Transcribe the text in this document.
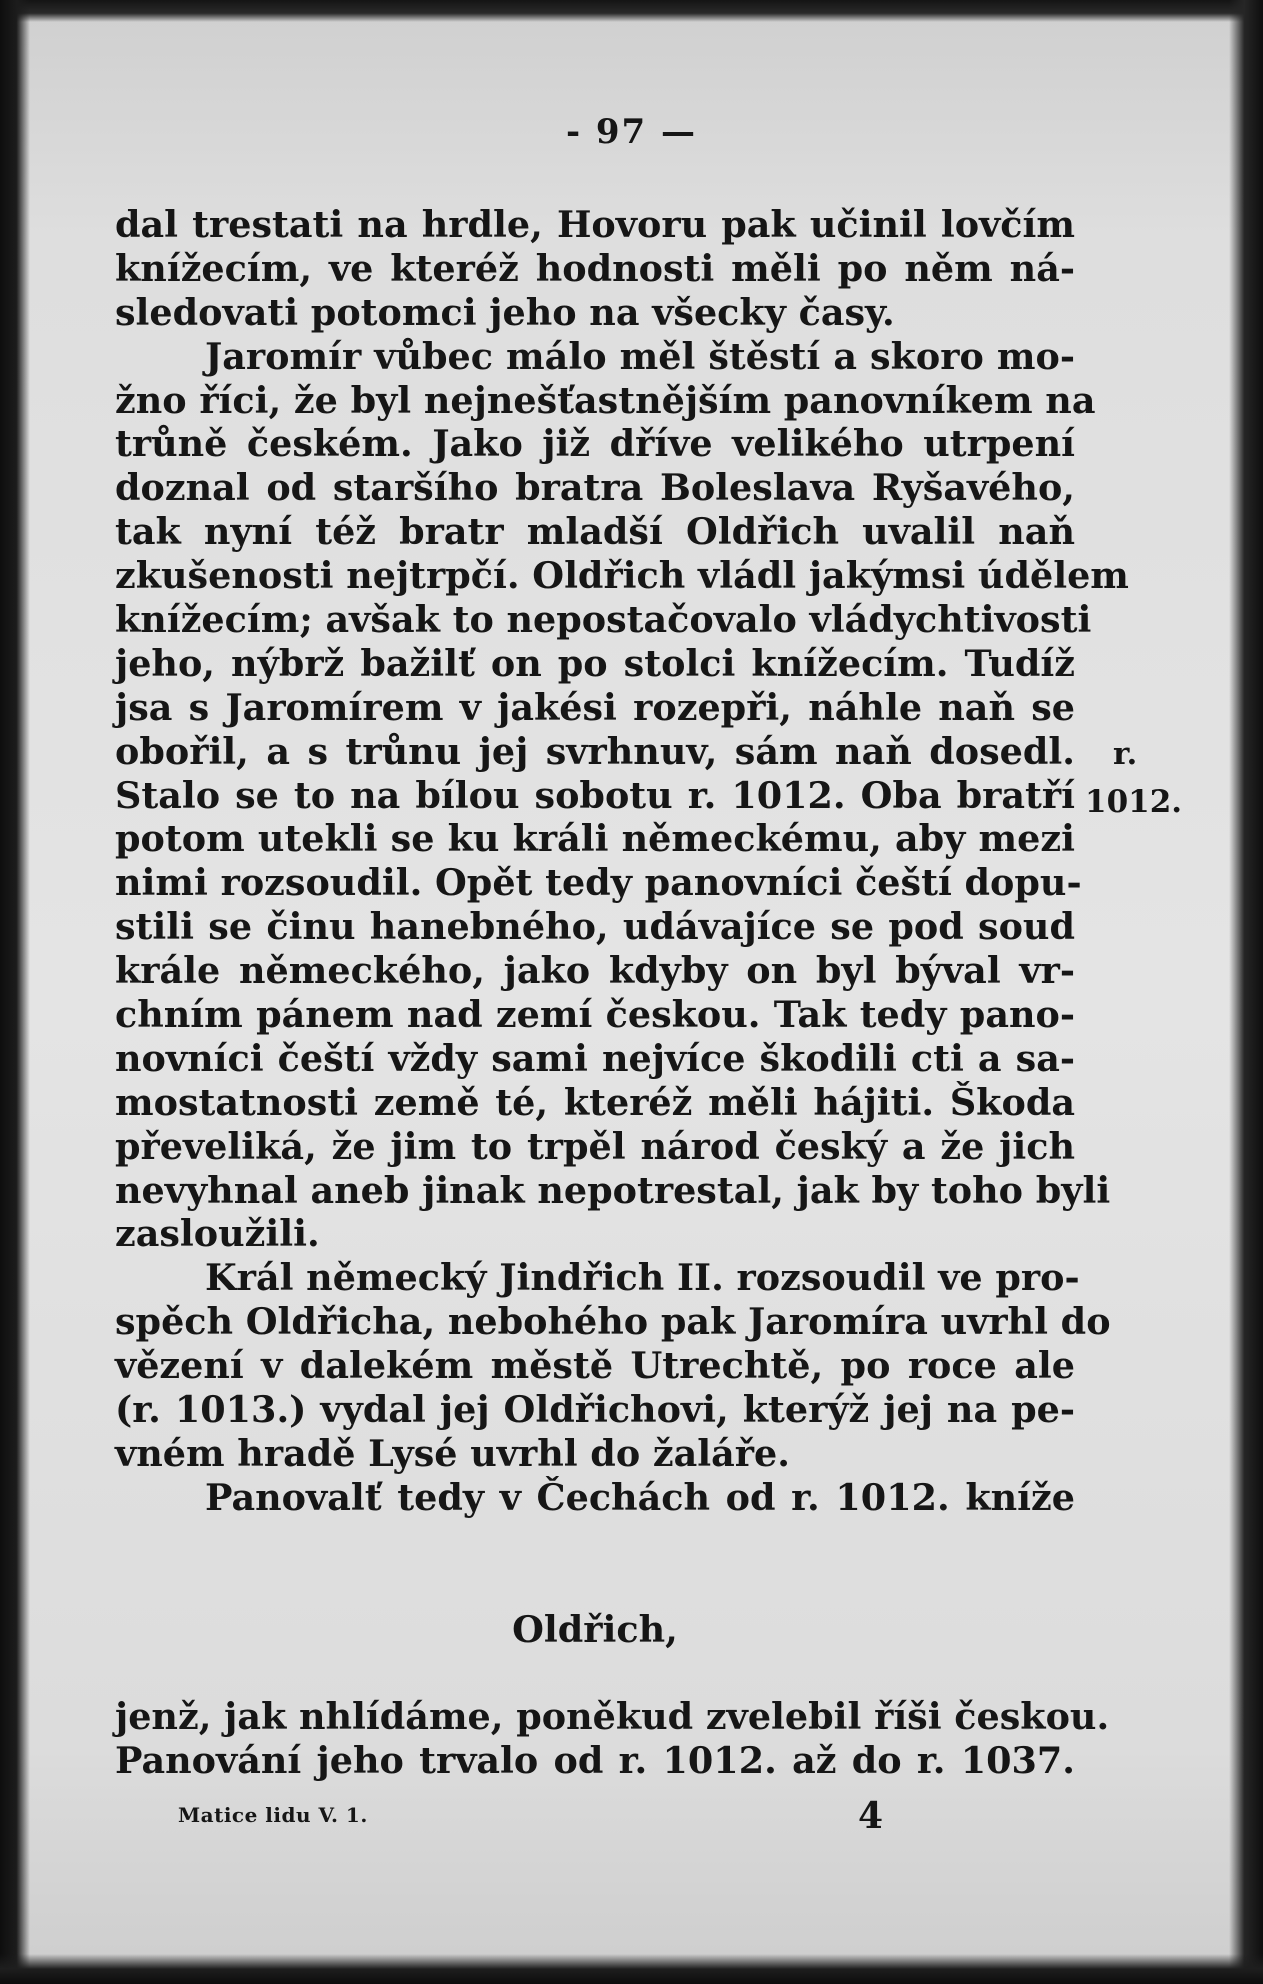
- 97 —
dal trestati na hrdle, Hovoru pak učinil lovčím
knížecím, ve kteréž hodnosti měli po něm ná-
sledovati potomci jeho na všecky časy.
Jaromír vůbec málo měl štěstí a skoro mo-
žno říci, že byl nejnešťastnějším panovníkem na
trůně českém. Jako již dříve velikého utrpení
doznal od staršího bratra Boleslava Ryšavého,
tak nyní též bratr mladší Oldřich uvalil naň
zkušenosti nejtrpčí. Oldřich vládl jakýmsi údělem
knížecím; avšak to nepostačovalo vládychtivosti
jeho, nýbrž bažilť on po stolci knížecím. Tudíž
jsa s Jaromírem v jakési rozepři, náhle naň se
obořil, a s trůnu jej svrhnuv, sám naň dosedl.
Stalo se to na bílou sobotu r. 1012. Oba bratří
potom utekli se ku králi německému, aby mezi
nimi rozsoudil. Opět tedy panovníci čeští dopu-
stili se činu hanebného, udávajíce se pod soud
krále německého, jako kdyby on byl býval vr-
chním pánem nad zemí českou. Tak tedy pano-
novníci čeští vždy sami nejvíce škodili cti a sa-
mostatnosti země té, kteréž měli hájiti. Škoda
převeliká, že jim to trpěl národ český a že jich
nevyhnal aneb jinak nepotrestal, jak by toho byli
zasloužili.
Král německý Jindřich II. rozsoudil ve pro-
spěch Oldřicha, nebohého pak Jaromíra uvrhl do
vězení v dalekém městě Utrechtě, po roce ale
(r. 1013.) vydal jej Oldřichovi, kterýž jej na pe-
vném hradě Lysé uvrhl do žaláře.
Panovalť tedy v Čechách od r. 1012. kníže
Oldřich,
jenž, jak nhlídáme, poněkud zvelebil říši českou.
Panování jeho trvalo od r. 1012. až do r. 1037.
r.
1012.
Matice lidu V. 1.	4
